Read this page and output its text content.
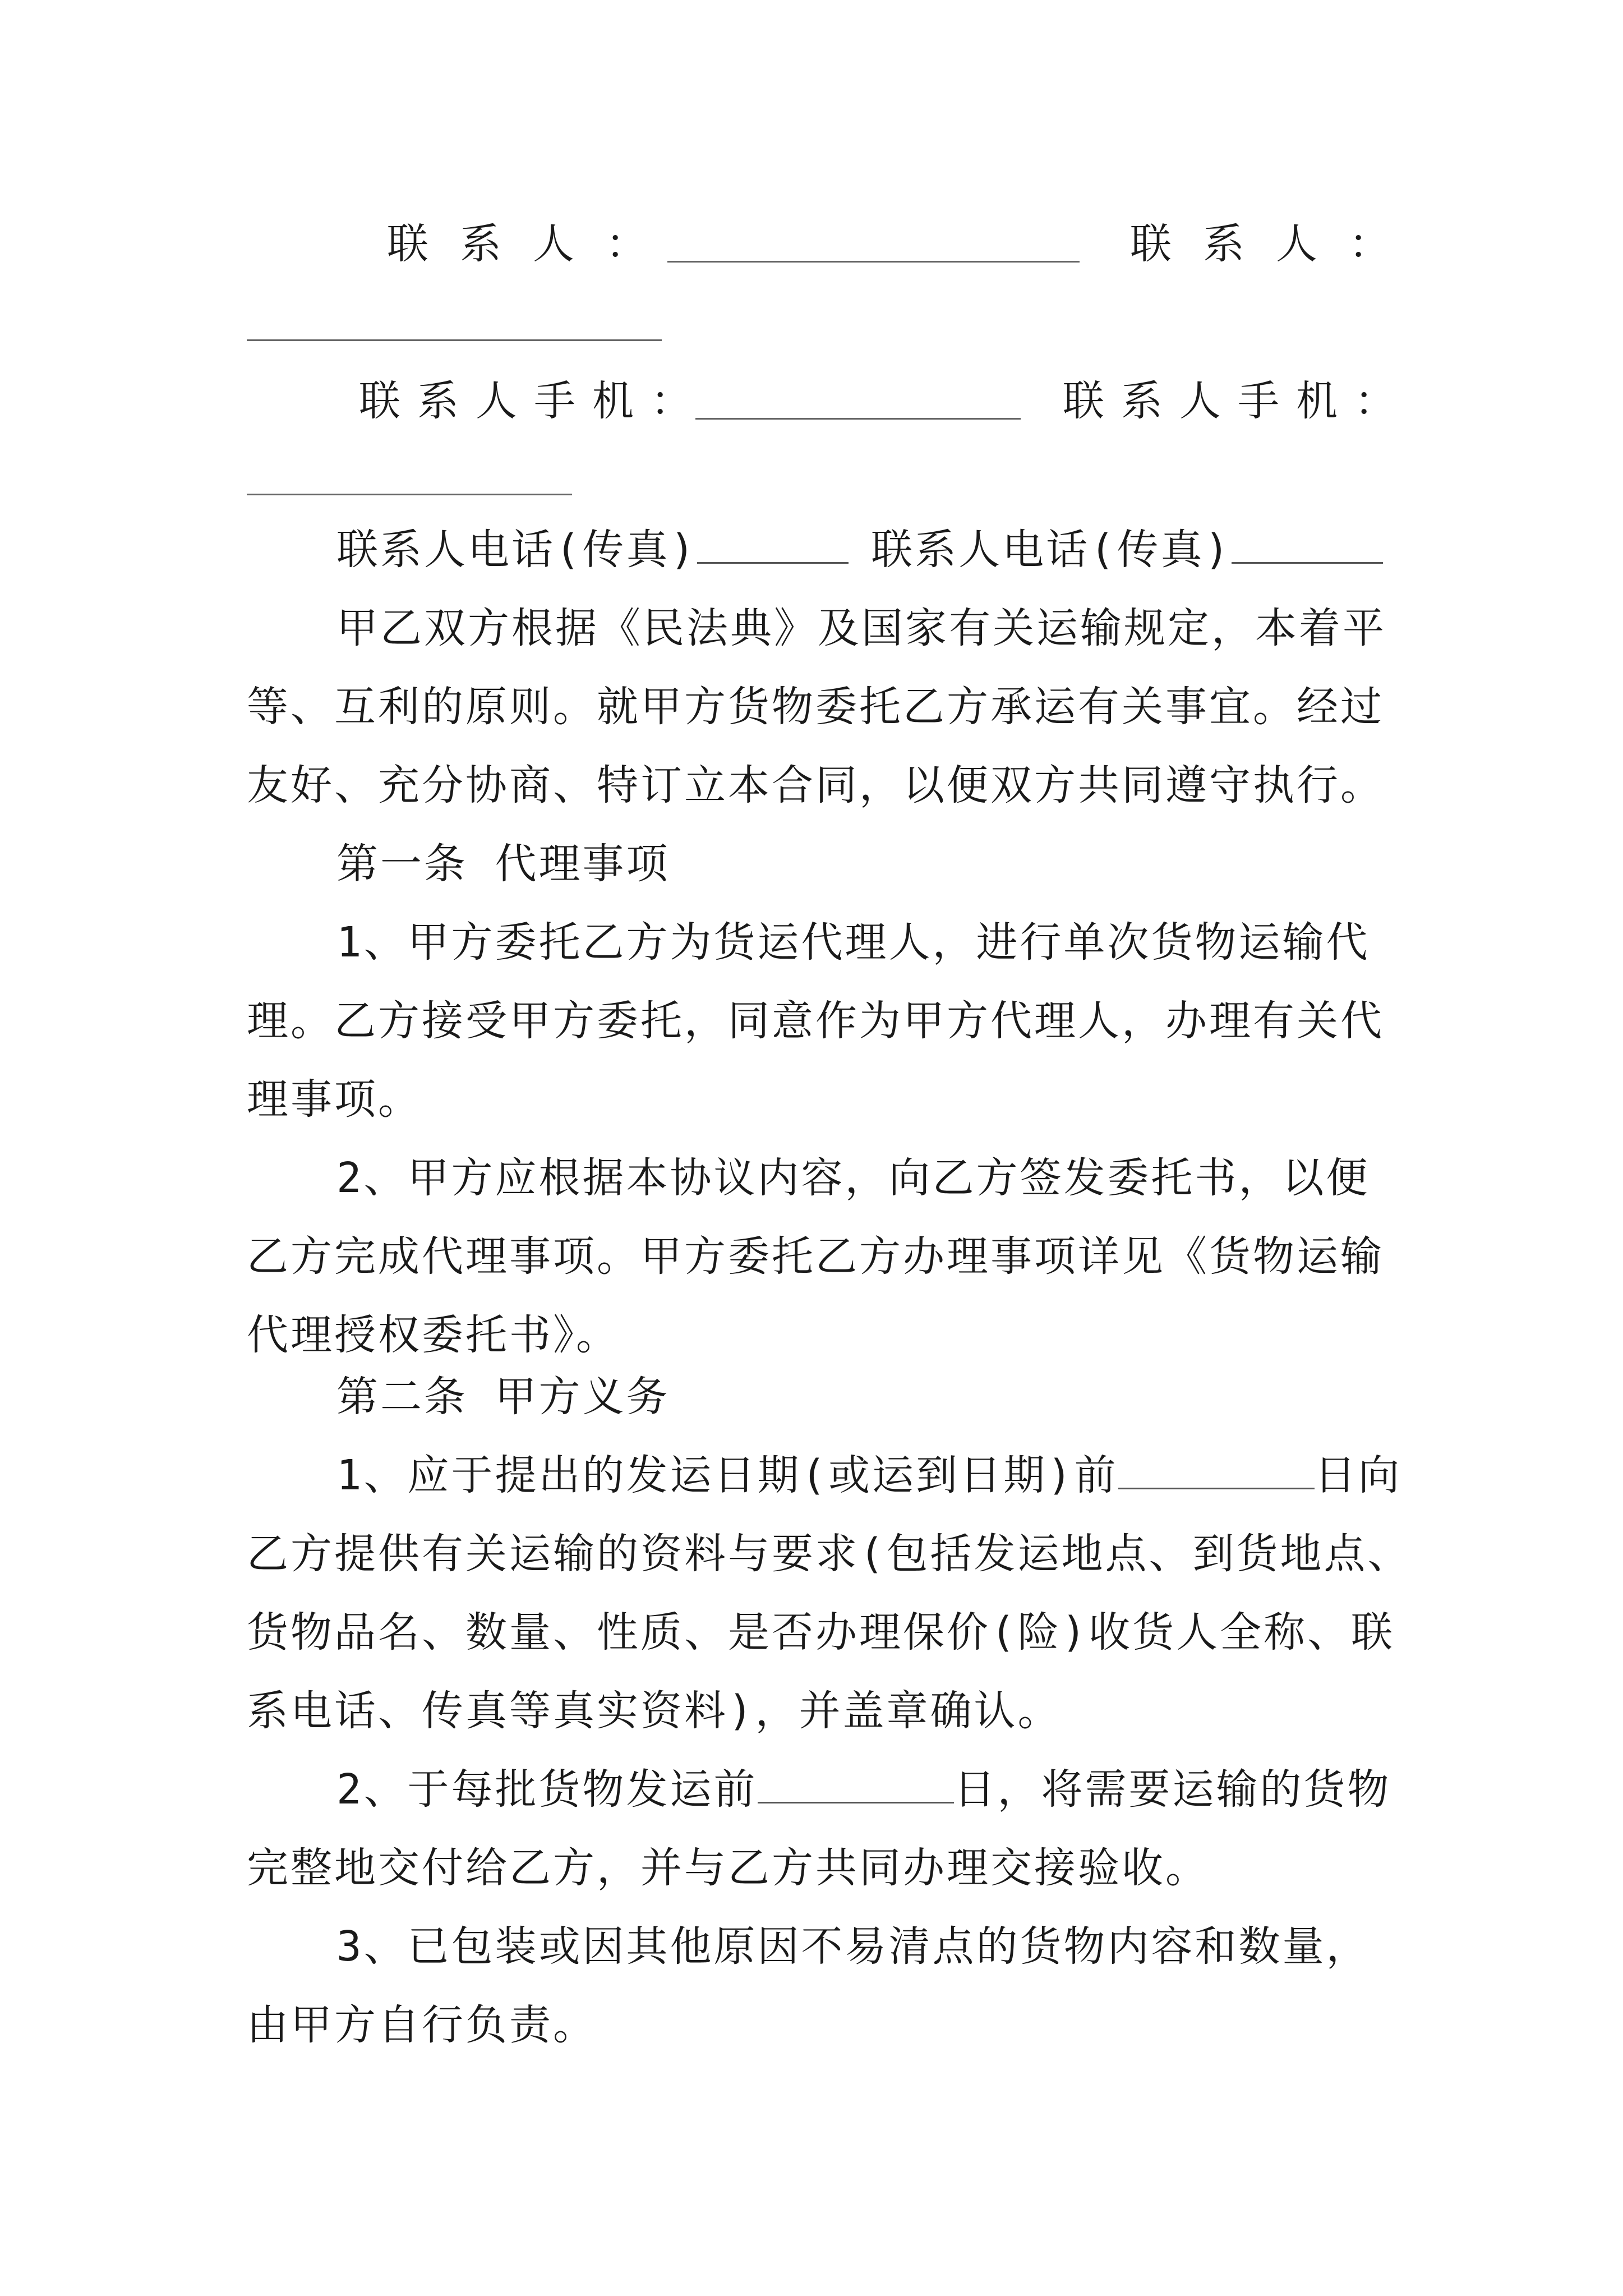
联系人：	联系人：
联系人手机：	联系人手机：
联系人电话(传真)	联系人电话(传真)
甲乙双方根据《民法典》及国家有关运输规定，本着平
等、互利的原则。就甲方货物委托乙方承运有关事宜。经过
友好、充分协商、特订立本合同，以便双方共同遵守执行。
第一条 代理事项
1、甲方委托乙方为货运代理人，进行单次货物运输代
理。乙方接受甲方委托，同意作为甲方代理人，办理有关代
理事项。
2、甲方应根据本协议内容，向乙方签发委托书，以便
乙方完成代理事项。甲方委托乙方办理事项详见《货物运输
代理授权委托书》。
第二条 甲方义务
1、应于提出的发运日期(或运到日期)前	日向
乙方提供有关运输的资料与要求(包括发运地点、到货地点、
货物品名、数量、性质、是否办理保价(险)收货人全称、联
系电话、传真等真实资料)，并盖章确认。
2、于每批货物发运前	日，将需要运输的货物
完整地交付给乙方，并与乙方共同办理交接验收。
3、已包装或因其他原因不易清点的货物内容和数量，
由甲方自行负责。
